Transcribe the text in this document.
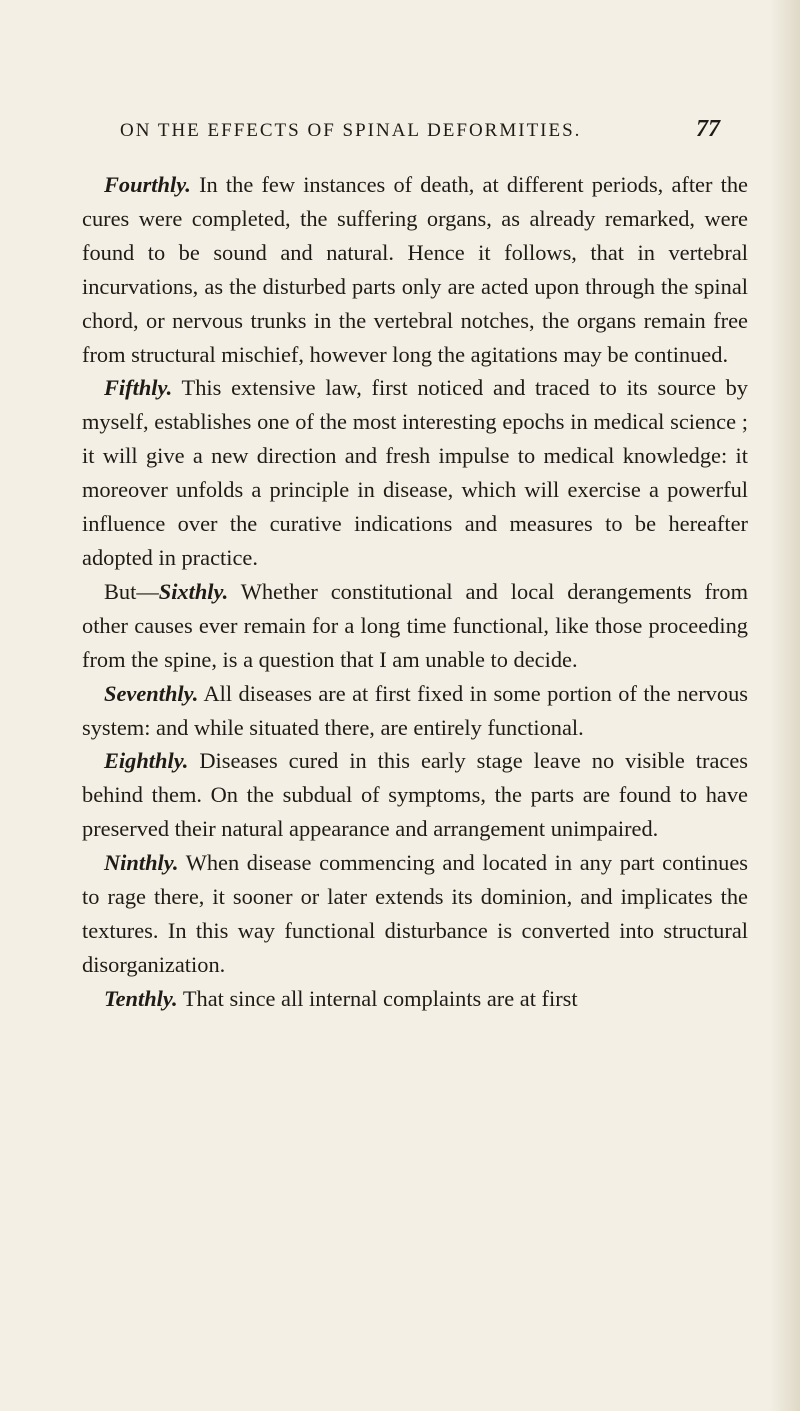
ON THE EFFECTS OF SPINAL DEFORMITIES.	77

Fourthly. In the few instances of death, at different periods, after the cures were completed, the suffering organs, as already remarked, were found to be sound and natural. Hence it follows, that in vertebral incurvations, as the disturbed parts only are acted upon through the spinal chord, or nervous trunks in the vertebral notches, the organs remain free from structural mischief, however long the agitations may be continued.

Fifthly. This extensive law, first noticed and traced to its source by myself, establishes one of the most interesting epochs in medical science ; it will give a new direction and fresh impulse to medical knowledge: it moreover unfolds a principle in disease, which will exercise a powerful influence over the curative indications and measures to be hereafter adopted in practice.

But—Sixthly. Whether constitutional and local derangements from other causes ever remain for a long time functional, like those proceeding from the spine, is a question that I am unable to decide.

Seventhly. All diseases are at first fixed in some portion of the nervous system: and while situated there, are entirely functional.

Eighthly. Diseases cured in this early stage leave no visible traces behind them. On the subdual of symptoms, the parts are found to have preserved their natural appearance and arrangement unimpaired.

Ninthly. When disease commencing and located in any part continues to rage there, it sooner or later extends its dominion, and implicates the textures. In this way functional disturbance is converted into structural disorganization.

Tenthly. That since all internal complaints are at first
